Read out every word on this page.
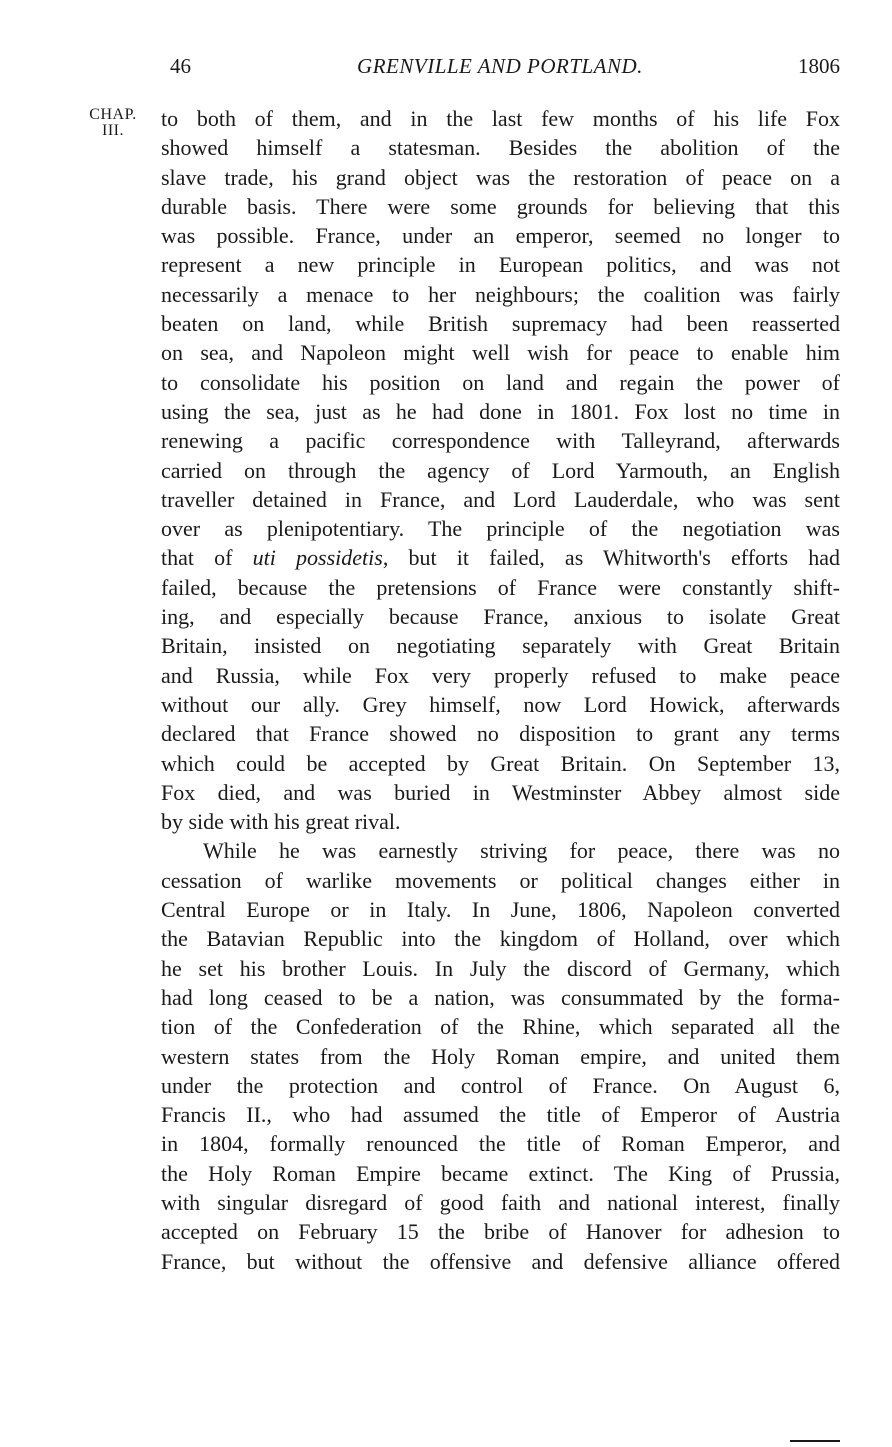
46	GRENVILLE AND PORTLAND.	1806
CHAP.
III.	to both of them, and in the last few months of his life Fox
showed himself a statesman. Besides the abolition of the
slave trade, his grand object was the restoration of peace on a
durable basis. There were some grounds for believing that this
was possible. France, under an emperor, seemed no longer to
represent a new principle in European politics, and was not
necessarily a menace to her neighbours; the coalition was fairly
beaten on land, while British supremacy had been reasserted
on sea, and Napoleon might well wish for peace to enable him
to consolidate his position on land and regain the power of
using the sea, just as he had done in 1801. Fox lost no time in
renewing a pacific correspondence with Talleyrand, afterwards
carried on through the agency of Lord Yarmouth, an English
traveller detained in France, and Lord Lauderdale, who was sent
over as plenipotentiary. The principle of the negotiation was
that of uti possidetis, but it failed, as Whitworth's efforts had
failed, because the pretensions of France were constantly shift-
ing, and especially because France, anxious to isolate Great
Britain, insisted on negotiating separately with Great Britain
and Russia, while Fox very properly refused to make peace
without our ally. Grey himself, now Lord Howick, afterwards
declared that France showed no disposition to grant any terms
which could be accepted by Great Britain. On September 13,
Fox died, and was buried in Westminster Abbey almost side
by side with his great rival.
While he was earnestly striving for peace, there was no
cessation of warlike movements or political changes either in
Central Europe or in Italy. In June, 1806, Napoleon converted
the Batavian Republic into the kingdom of Holland, over which
he set his brother Louis. In July the discord of Germany, which
had long ceased to be a nation, was consummated by the forma-
tion of the Confederation of the Rhine, which separated all the
western states from the Holy Roman empire, and united them
under the protection and control of France. On August 6,
Francis II., who had assumed the title of Emperor of Austria
in 1804, formally renounced the title of Roman Emperor, and
the Holy Roman Empire became extinct. The King of Prussia,
with singular disregard of good faith and national interest, finally
accepted on February 15 the bribe of Hanover for adhesion to
France, but without the offensive and defensive alliance offered
